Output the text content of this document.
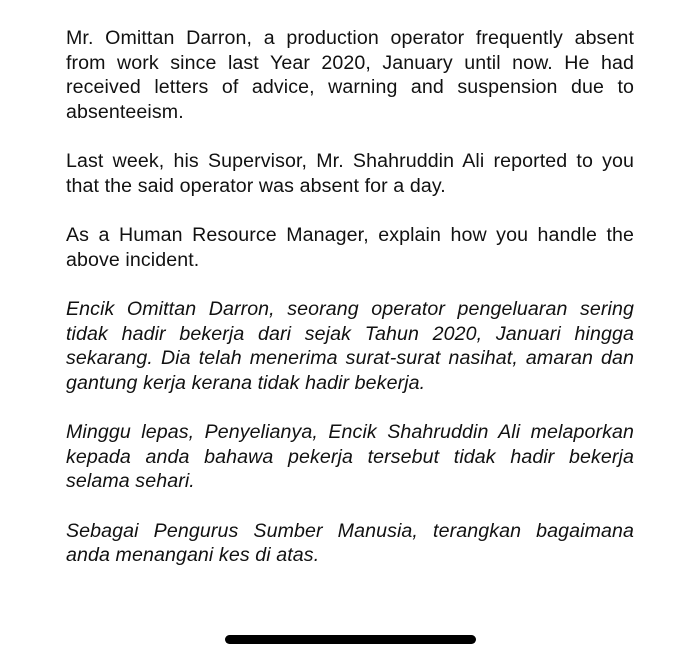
Mr. Omittan Darron, a production operator frequently absent from work since last Year 2020, January until now. He had received letters of advice, warning and suspension due to absenteeism.

Last week, his Supervisor, Mr. Shahruddin Ali reported to you that the said operator was absent for a day.

As a Human Resource Manager, explain how you handle the above incident.

Encik Omittan Darron, seorang operator pengeluaran sering tidak hadir bekerja dari sejak Tahun 2020, Januari hingga sekarang. Dia telah menerima surat-surat nasihat, amaran dan gantung kerja kerana tidak hadir bekerja.

Minggu lepas, Penyelianya, Encik Shahruddin Ali melaporkan kepada anda bahawa pekerja tersebut tidak hadir bekerja selama sehari.

Sebagai Pengurus Sumber Manusia, terangkan bagaimana anda menangani kes di atas.
